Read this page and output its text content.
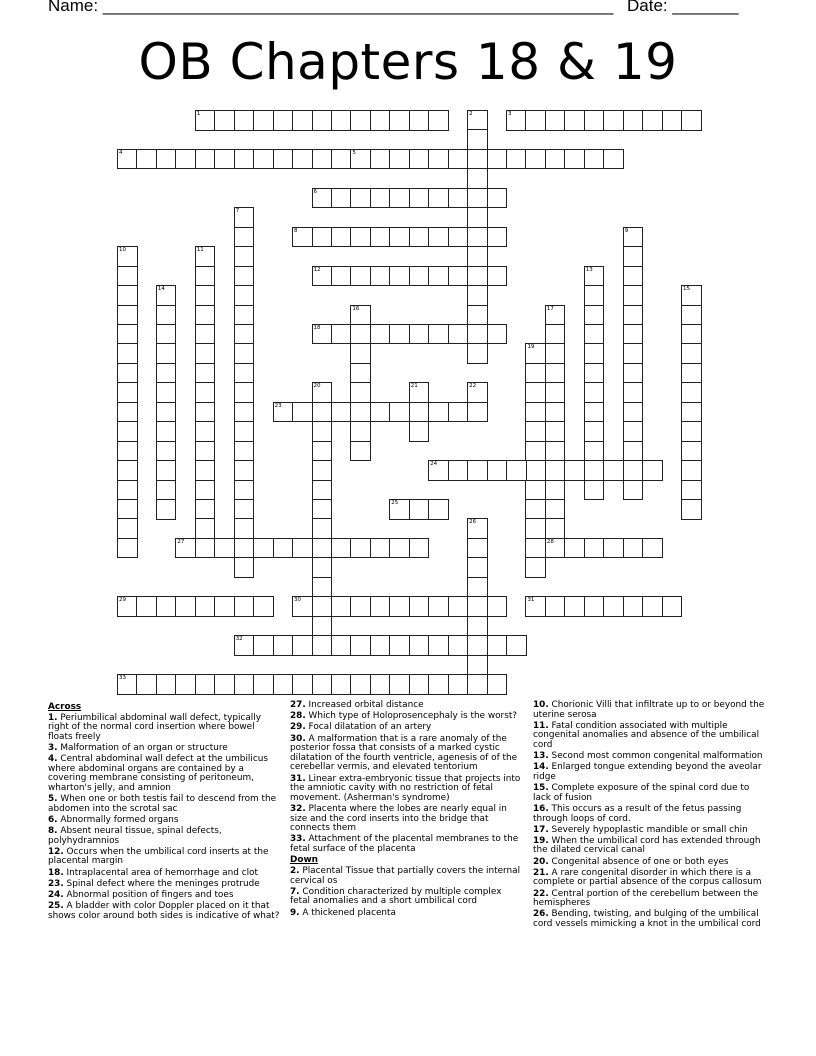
Name: ______________________________________________________ Date: _______
OB Chapters 18 & 19
1	2	3
4	5
6
7
8	9
10	11
12	13
14	15
16	17
28
18
19
20	21	22
23
24
25
26
27
29	30	31
32
33
Across
1. Periumbilical abdominal wall defect, typically right of the normal cord insertion where bowel floats freely
3. Malformation of an organ or structure
4. Central abdominal wall defect at the umbilicus where abdominal organs are contained by a covering membrane consisting of peritoneum, wharton's jelly, and amnion
5. When one or both testis fail to descend from the abdomen into the scrotal sac
6. Abnormally formed organs
8. Absent neural tissue, spinal defects, polyhydramnios
12. Occurs when the umbilical cord inserts at the placental margin
18. Intraplacental area of hemorrhage and clot
23. Spinal defect where the meninges protrude
24. Abnormal position of fingers and toes
25. A bladder with color Doppler placed on it that shows color around both sides is indicative of what?
27. Increased orbital distance
28. Which type of Holoprosencephaly is the worst?
29. Focal dilatation of an artery
30. A malformation that is a rare anomaly of the posterior fossa that consists of a marked cystic dilatation of the fourth ventricle, agenesis of of the cerebellar vermis, and elevated tentorium
31. Linear extra-embryonic tissue that projects into the amniotic cavity with no restriction of fetal movement. (Asherman's syndrome)
32. Placenta where the lobes are nearly equal in size and the cord inserts into the bridge that connects them
33. Attachment of the placental membranes to the fetal surface of the placenta
Down
2. Placental Tissue that partially covers the internal cervical os
7. Condition characterized by multiple complex fetal anomalies and a short umbilical cord
9. A thickened placenta
10. Chorionic Villi that infiltrate up to or beyond the uterine serosa
11. Fatal condition associated with multiple congenital anomalies and absence of the umbilical cord
13. Second most common congenital malformation
14. Enlarged tongue extending beyond the aveolar ridge
15. Complete exposure of the spinal cord due to lack of fusion
16. This occurs as a result of the fetus passing through loops of cord.
17. Severely hypoplastic mandible or small chin
19. When the umbilical cord has extended through the dilated cervical canal
20. Congenital absence of one or both eyes
21. A rare congenital disorder in which there is a complete or partial absence of the corpus callosum
22. Central portion of the cerebellum between the hemispheres
26. Bending, twisting, and bulging of the umbilical cord vessels mimicking a knot in the umbilical cord
